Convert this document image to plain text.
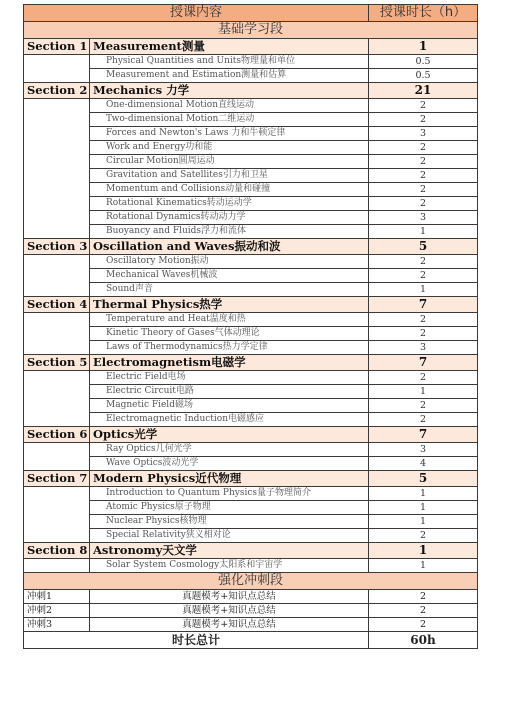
授课内容		授课时长（h）
基础学习段		
Section 1	Measurement测量	1
	Physical Quantities and Units物理量和单位	0.5
	Measurement and Estimation测量和估算	0.5
Section 2	Mechanics 力学	21
	One-dimensional Motion直线运动	2
	Two-dimensional Motion二维运动	2
	Forces and Newton's Laws 力和牛顿定律	3
	Work and Energy功和能	2
	Circular Motion圆周运动	2
	Gravitation and Satellites引力和卫星	2
	Momentum and Collisions动量和碰撞	2
	Rotational Kinematics转动运动学	2
	Rotational Dynamics转动动力学	3
	Buoyancy and Fluids浮力和流体	1
Section 3	Oscillation and Waves振动和波	5
	Oscillatory Motion振动	2
	Mechanical Waves机械波	2
	Sound声音	1
Section 4	Thermal Physics热学	7
	Temperature and Heat温度和热	2
	Kinetic Theory of Gases气体动理论	2
	Laws of Thermodynamics热力学定律	3
Section 5	Electromagnetism电磁学	7
	Electric Field电场	2
	Electric Circuit电路	1
	Magnetic Field磁场	2
	Electromagnetic Induction电磁感应	2
Section 6	Optics光学	7
	Ray Optics几何光学	3
	Wave Optics波动光学	4
Section 7	Modern Physics近代物理	5
	Introduction to Quantum Physics量子物理简介	1
	Atomic Physics原子物理	1
	Nuclear Physics核物理	1
	Special Relativity狭义相对论	2
Section 8	Astronomy天文学	1
	Solar System Cosmology太阳系和宇宙学	1
强化冲刺段		
冲刺1	真题模考+知识点总结	2
冲刺2	真题模考+知识点总结	2
冲刺3	真题模考+知识点总结	2
时长总计		60h
